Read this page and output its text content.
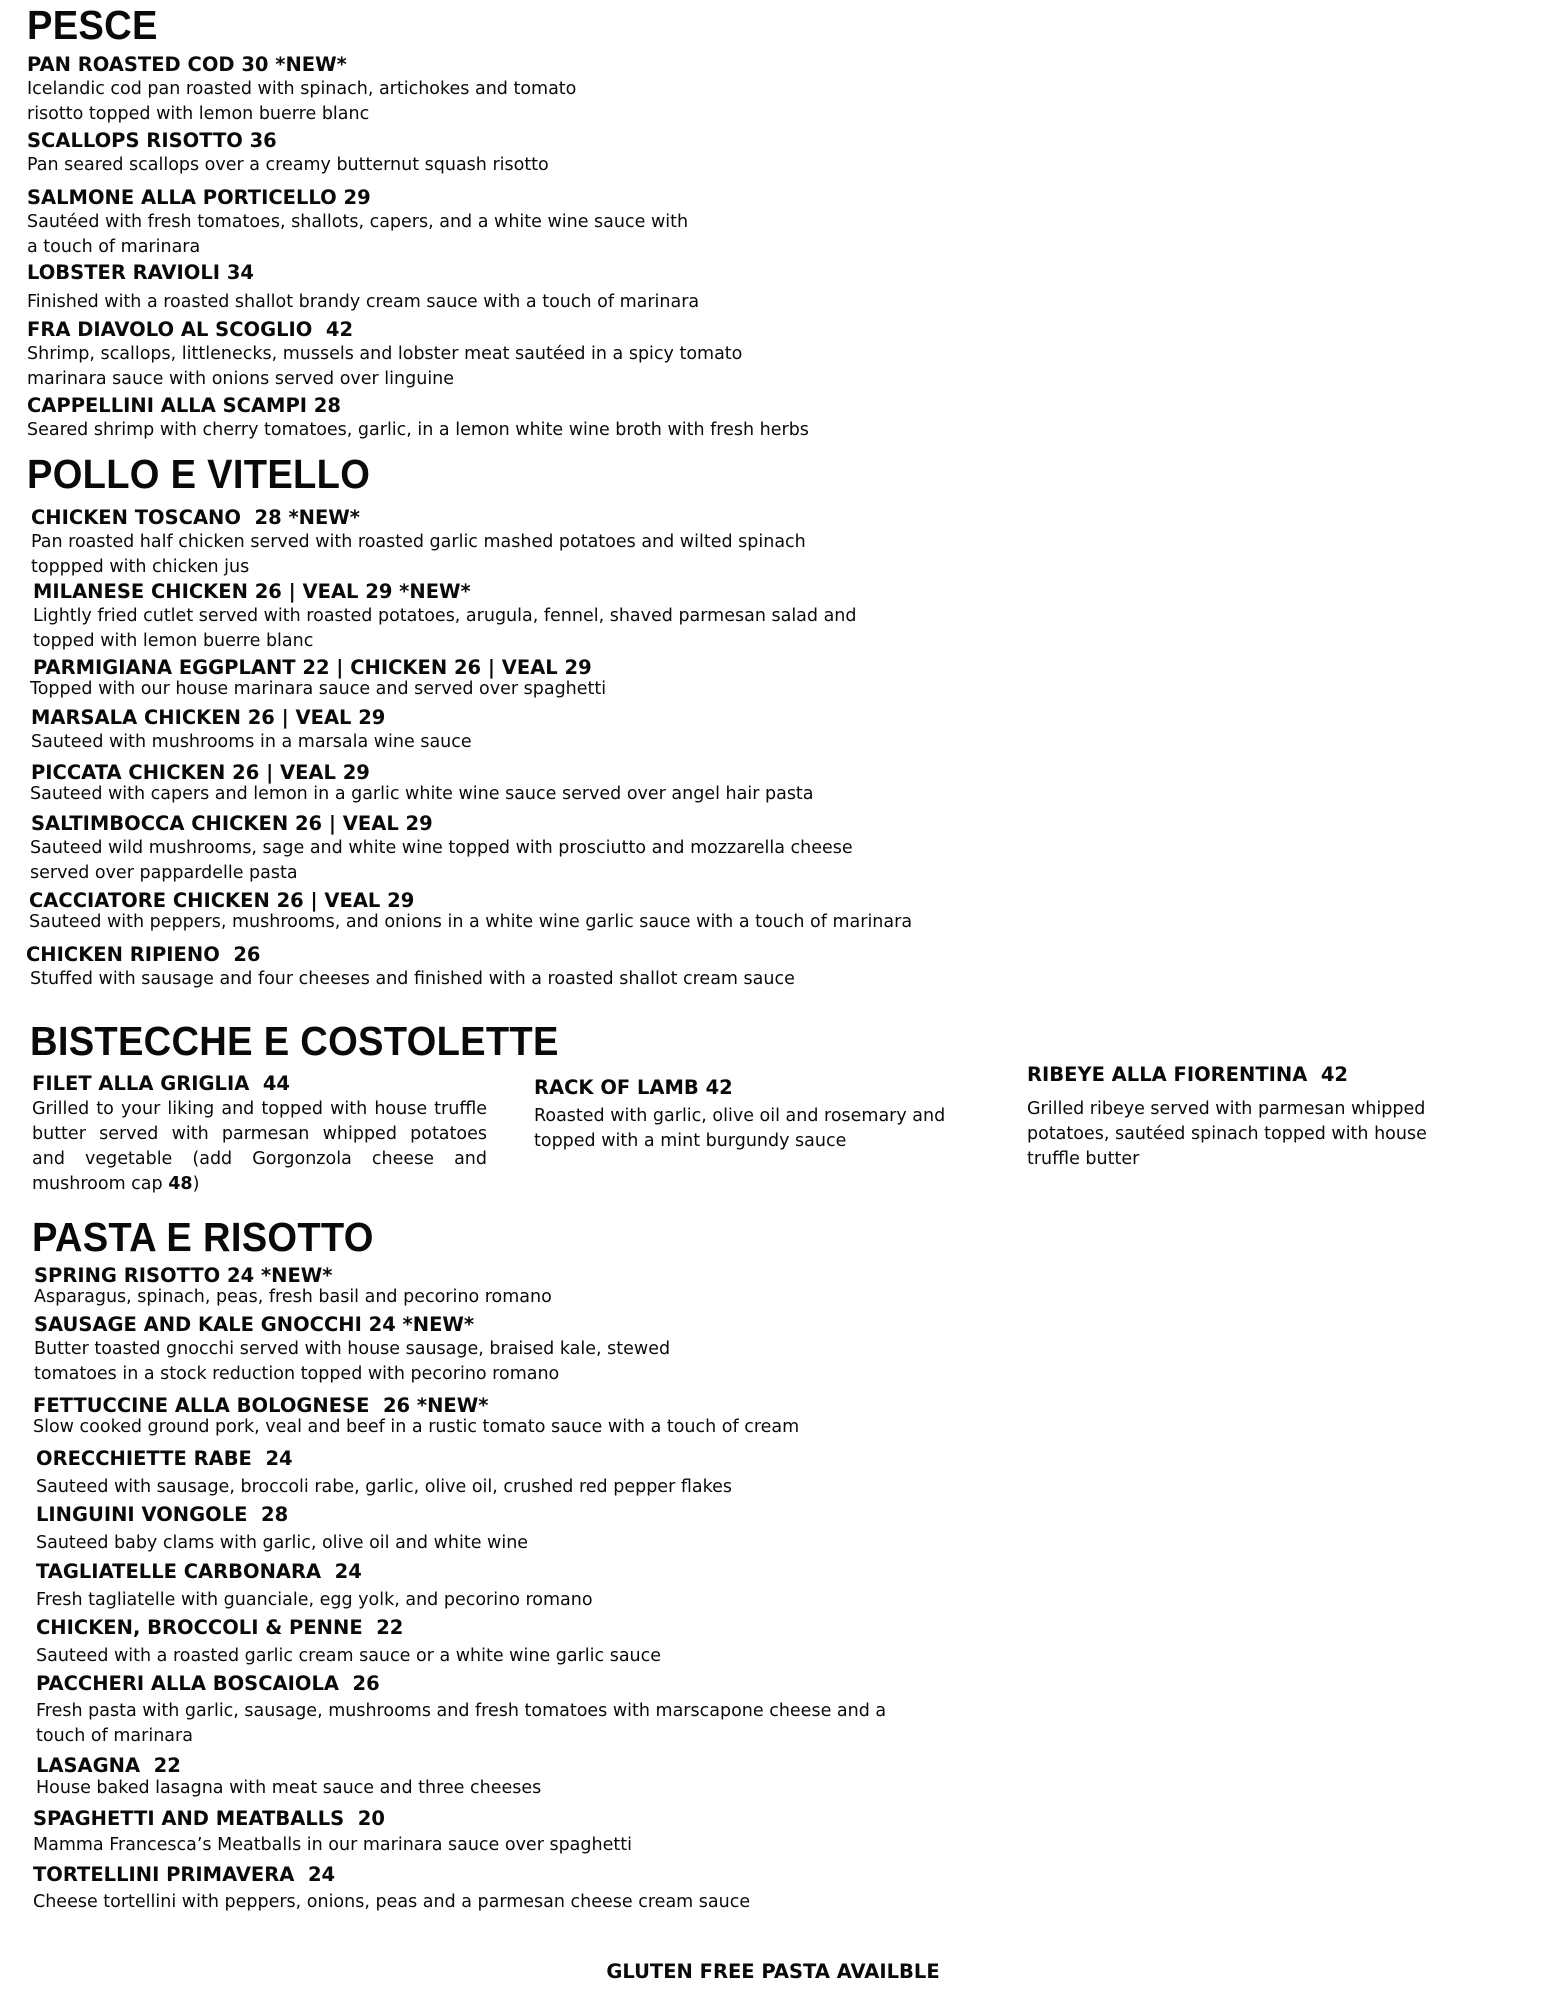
PESCE
PAN ROASTED COD 30 *NEW*
Icelandic cod pan roasted with spinach, artichokes and tomato
risotto topped with lemon buerre blanc
SCALLOPS RISOTTO 36
Pan seared scallops over a creamy butternut squash risotto
SALMONE ALLA PORTICELLO 29
Sautéed with fresh tomatoes, shallots, capers, and a white wine sauce with
a touch of marinara
LOBSTER RAVIOLI 34
Finished with a roasted shallot brandy cream sauce with a touch of marinara
FRA DIAVOLO AL SCOGLIO  42
Shrimp, scallops, littlenecks, mussels and lobster meat sautéed in a spicy tomato
marinara sauce with onions served over linguine
CAPPELLINI ALLA SCAMPI 28
Seared shrimp with cherry tomatoes, garlic, in a lemon white wine broth with fresh herbs
POLLO E VITELLO
CHICKEN TOSCANO  28 *NEW*
Pan roasted half chicken served with roasted garlic mashed potatoes and wilted spinach
toppped with chicken jus
MILANESE CHICKEN 26 | VEAL 29 *NEW*
Lightly fried cutlet served with roasted potatoes, arugula, fennel, shaved parmesan salad and
topped with lemon buerre blanc
PARMIGIANA EGGPLANT 22 | CHICKEN 26 | VEAL 29
Topped with our house marinara sauce and served over spaghetti
MARSALA CHICKEN 26 | VEAL 29
Sauteed with mushrooms in a marsala wine sauce
PICCATA CHICKEN 26 | VEAL 29
Sauteed with capers and lemon in a garlic white wine sauce served over angel hair pasta
SALTIMBOCCA CHICKEN 26 | VEAL 29
Sauteed wild mushrooms, sage and white wine topped with prosciutto and mozzarella cheese
served over pappardelle pasta
CACCIATORE CHICKEN 26 | VEAL 29
Sauteed with peppers, mushrooms, and onions in a white wine garlic sauce with a touch of marinara
CHICKEN RIPIENO  26
Stuffed with sausage and four cheeses and finished with a roasted shallot cream sauce
BISTECCHE E COSTOLETTE
FILET ALLA GRIGLIA  44
Grilled to your liking and topped with house truffle butter served with parmesan whipped potatoes and vegetable (add Gorgonzola cheese and mushroom cap 48)
RACK OF LAMB 42
Roasted with garlic, olive oil and rosemary and
topped with a mint burgundy sauce
RIBEYE ALLA FIORENTINA  42
Grilled ribeye served with parmesan whipped
potatoes, sautéed spinach topped with house
truffle butter
PASTA E RISOTTO
SPRING RISOTTO 24 *NEW*
Asparagus, spinach, peas, fresh basil and pecorino romano
SAUSAGE AND KALE GNOCCHI 24 *NEW*
Butter toasted gnocchi served with house sausage, braised kale, stewed
tomatoes in a stock reduction topped with pecorino romano
FETTUCCINE ALLA BOLOGNESE  26 *NEW*
Slow cooked ground pork, veal and beef in a rustic tomato sauce with a touch of cream
ORECCHIETTE RABE  24
Sauteed with sausage, broccoli rabe, garlic, olive oil, crushed red pepper flakes
LINGUINI VONGOLE  28
Sauteed baby clams with garlic, olive oil and white wine
TAGLIATELLE CARBONARA  24
Fresh tagliatelle with guanciale, egg yolk, and pecorino romano
CHICKEN, BROCCOLI & PENNE  22
Sauteed with a roasted garlic cream sauce or a white wine garlic sauce
PACCHERI ALLA BOSCAIOLA  26
Fresh pasta with garlic, sausage, mushrooms and fresh tomatoes with marscapone cheese and a
touch of marinara
LASAGNA  22
House baked lasagna with meat sauce and three cheeses
SPAGHETTI AND MEATBALLS  20
Mamma Francesca’s Meatballs in our marinara sauce over spaghetti
TORTELLINI PRIMAVERA  24
Cheese tortellini with peppers, onions, peas and a parmesan cheese cream sauce
GLUTEN FREE PASTA AVAILBLE
